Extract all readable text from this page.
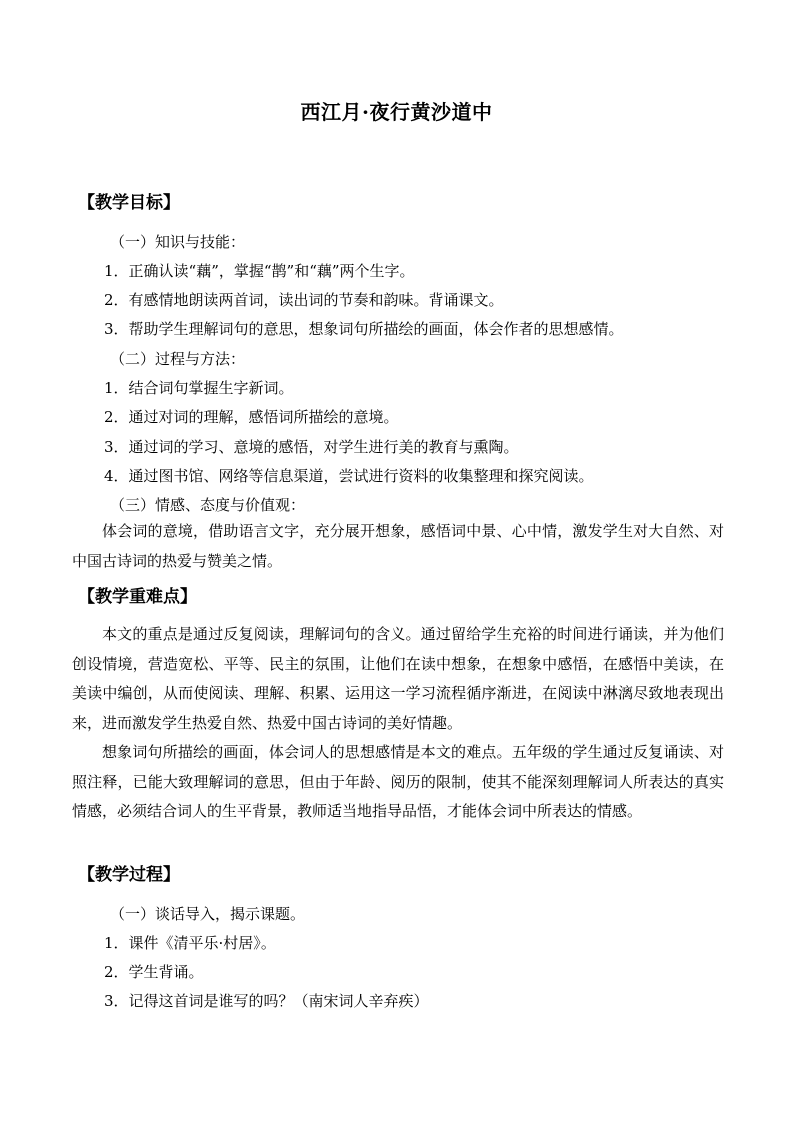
西江月·夜行黄沙道中
【教学目标】
（一）知识与技能：
1．正确认读“藕”，掌握“鹊”和“藕”两个生字。
2．有感情地朗读两首词，读出词的节奏和韵味。背诵课文。
3．帮助学生理解词句的意思，想象词句所描绘的画面，体会作者的思想感情。
（二）过程与方法：
1．结合词句掌握生字新词。
2．通过对词的理解，感悟词所描绘的意境。
3．通过词的学习、意境的感悟，对学生进行美的教育与熏陶。
4．通过图书馆、网络等信息渠道，尝试进行资料的收集整理和探究阅读。
（三）情感、态度与价值观：
体会词的意境，借助语言文字，充分展开想象，感悟词中景、心中情，激发学生对大自然、对中国古诗词的热爱与赞美之情。
【教学重难点】
本文的重点是通过反复阅读，理解词句的含义。通过留给学生充裕的时间进行诵读，并为他们创设情境，营造宽松、平等、民主的氛围，让他们在读中想象，在想象中感悟，在感悟中美读，在美读中编创，从而使阅读、理解、积累、运用这一学习流程循序渐进，在阅读中淋漓尽致地表现出来，进而激发学生热爱自然、热爱中国古诗词的美好情趣。
想象词句所描绘的画面，体会词人的思想感情是本文的难点。五年级的学生通过反复诵读、对照注释，已能大致理解词的意思，但由于年龄、阅历的限制，使其不能深刻理解词人所表达的真实情感，必须结合词人的生平背景，教师适当地指导品悟，才能体会词中所表达的情感。
【教学过程】
（一）谈话导入，揭示课题。
1．课件《清平乐·村居》。
2．学生背诵。
3．记得这首词是谁写的吗？（南宋词人辛弃疾）
